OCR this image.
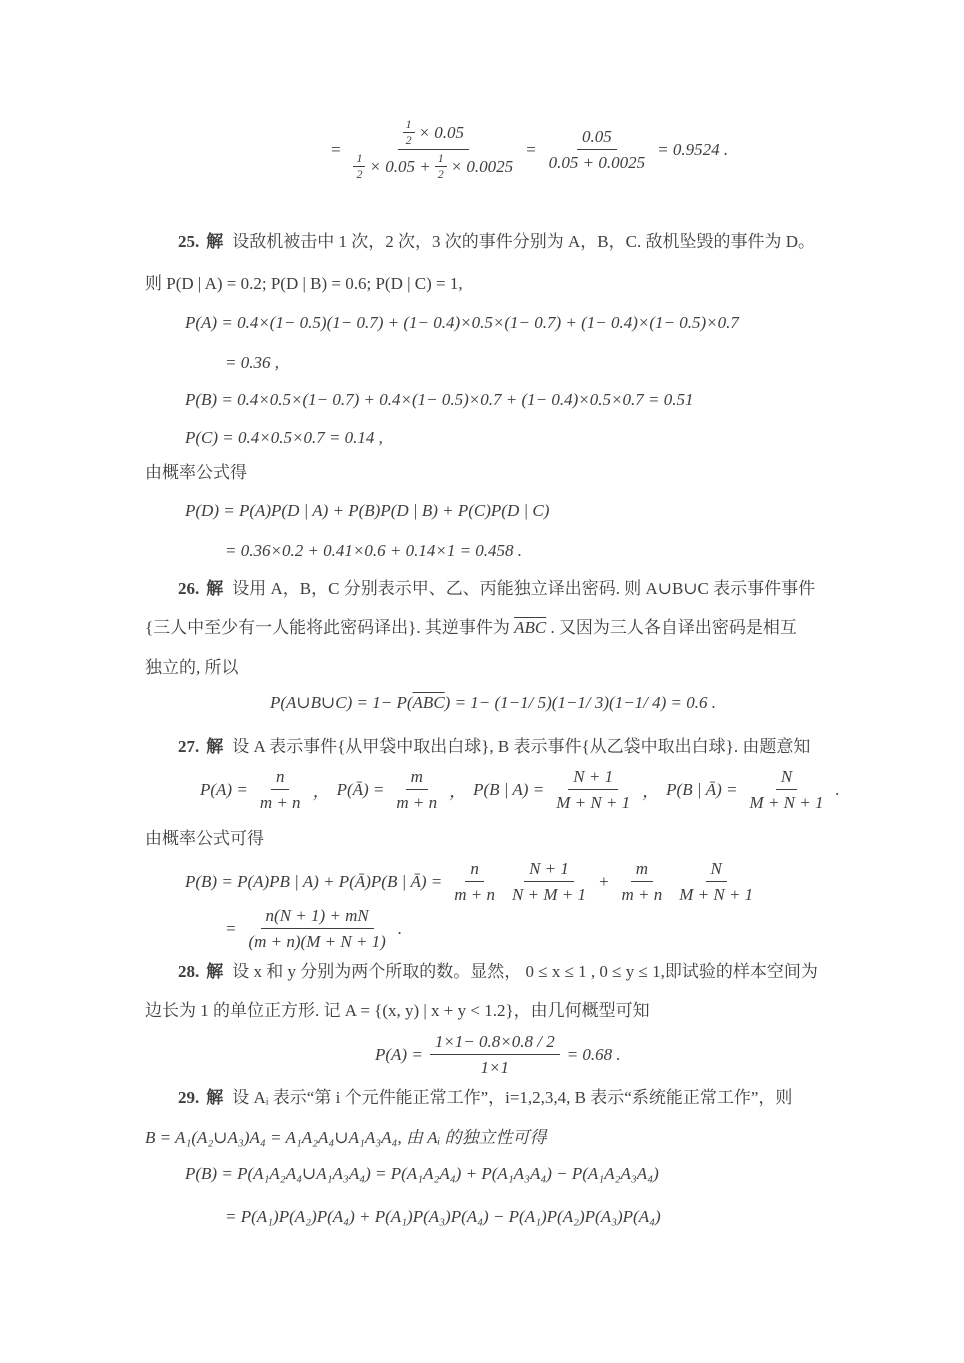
=
$\frac{1}{2} \times 0.05$
$\frac{1}{2} \times 0.05 + \frac{1}{2} \times 0.0025$
= $\frac{0.05}{0.05 + 0.0025} = 0.9524$ .
25. 解 设敌机被击中 1 次，2 次，3 次的事件分别为 A，B，C. 敌机坠毁的事件为 D。
则 P(D | A) = 0.2; P(D | B) = 0.6; P(D | C) = 1,
P(A) = 0.4×(1− 0.5)(1− 0.7) + (1− 0.4)×0.5×(1− 0.7) + (1− 0.4)×(1− 0.5)×0.7
= 0.36 ,
P(B) = 0.4×0.5×(1− 0.7) + 0.4×(1− 0.5)×0.7 + (1− 0.4)×0.5×0.7 = 0.51
P(C) = 0.4×0.5×0.7 = 0.14 ,
由概率公式得
P(D) = P(A)P(D | A) + P(B)P(D | B) + P(C)P(D | C)
= 0.36×0.2 + 0.41×0.6 + 0.14×1 = 0.458 .
26. 解 设用 A，B，C 分别表示甲、乙、丙能独立译出密码. 则 A∪B∪C 表示事件事件
{三人中至少有一人能将此密码译出}. 其逆事件为 $\overline{ABC}$ . 又因为三人各自译出密码是相互
独立的, 所以
P(A∪B∪C) = $1- P(\overline{ABC}) = 1- (1-1/$ 5)(1−1/ 3)(1−1/ 4) = 0.6 .
27. 解 设 A 表示事件{从甲袋中取出白球}, B 表示事件{从乙袋中取出白球}. 由题意知
$P(A) = \frac{n}{m + n}$ ， P(Ā) = $\frac{m}{m + n}$ ， P(B | $A) = \frac{N + 1}{M + N + 1}$ ， P(B | Ā) = $\frac{N}{M + N + 1}$ .
由概率公式可得
P(B) = P(A)PB | A) + P(Ā)P(B | Ā) = $\frac{n}{m + n} \frac{N + 1}{N + M + 1} + \frac{m}{m + n} \frac{N}{M + N + 1}$
= $\frac{n(N + 1) + mN}{(m + n)(M + N + 1)}$ .
28. 解 设 x 和 y 分别为两个所取的数。显然， 0 ≤ x ≤ 1 , 0 ≤ y ≤ 1,即试验的样本空间为
边长为 1 的单位正方形. 记 A = {(x, y) | x + y < 1.2}，由几何概型可知
$P(A) = \frac{1\times 1- 0.8\times 0.8 / 2}{1\times 1} = 0.68$ .
29. 解 设 Aᵢ 表示“第 i 个元件能正常工作”，i=1,2,3,4, B 表示“系统能正常工作”，则
B = A₁(A₂∪A₃)A₄ = A₁A₂A₄∪A₁A₃A₄, 由 Aᵢ 的独立性可得
P(B) = P(A₁A₂A₄∪A₁A₃A₄) = P(A₁A₂A₄) + P(A₁A₃A₄) − P(A₁A₂A₃A₄)
= P(A₁)P(A₂)P(A₄) + P(A₁)P(A₃)P(A₄) − P(A₁)P(A₂)P(A₃)P(A₄)
